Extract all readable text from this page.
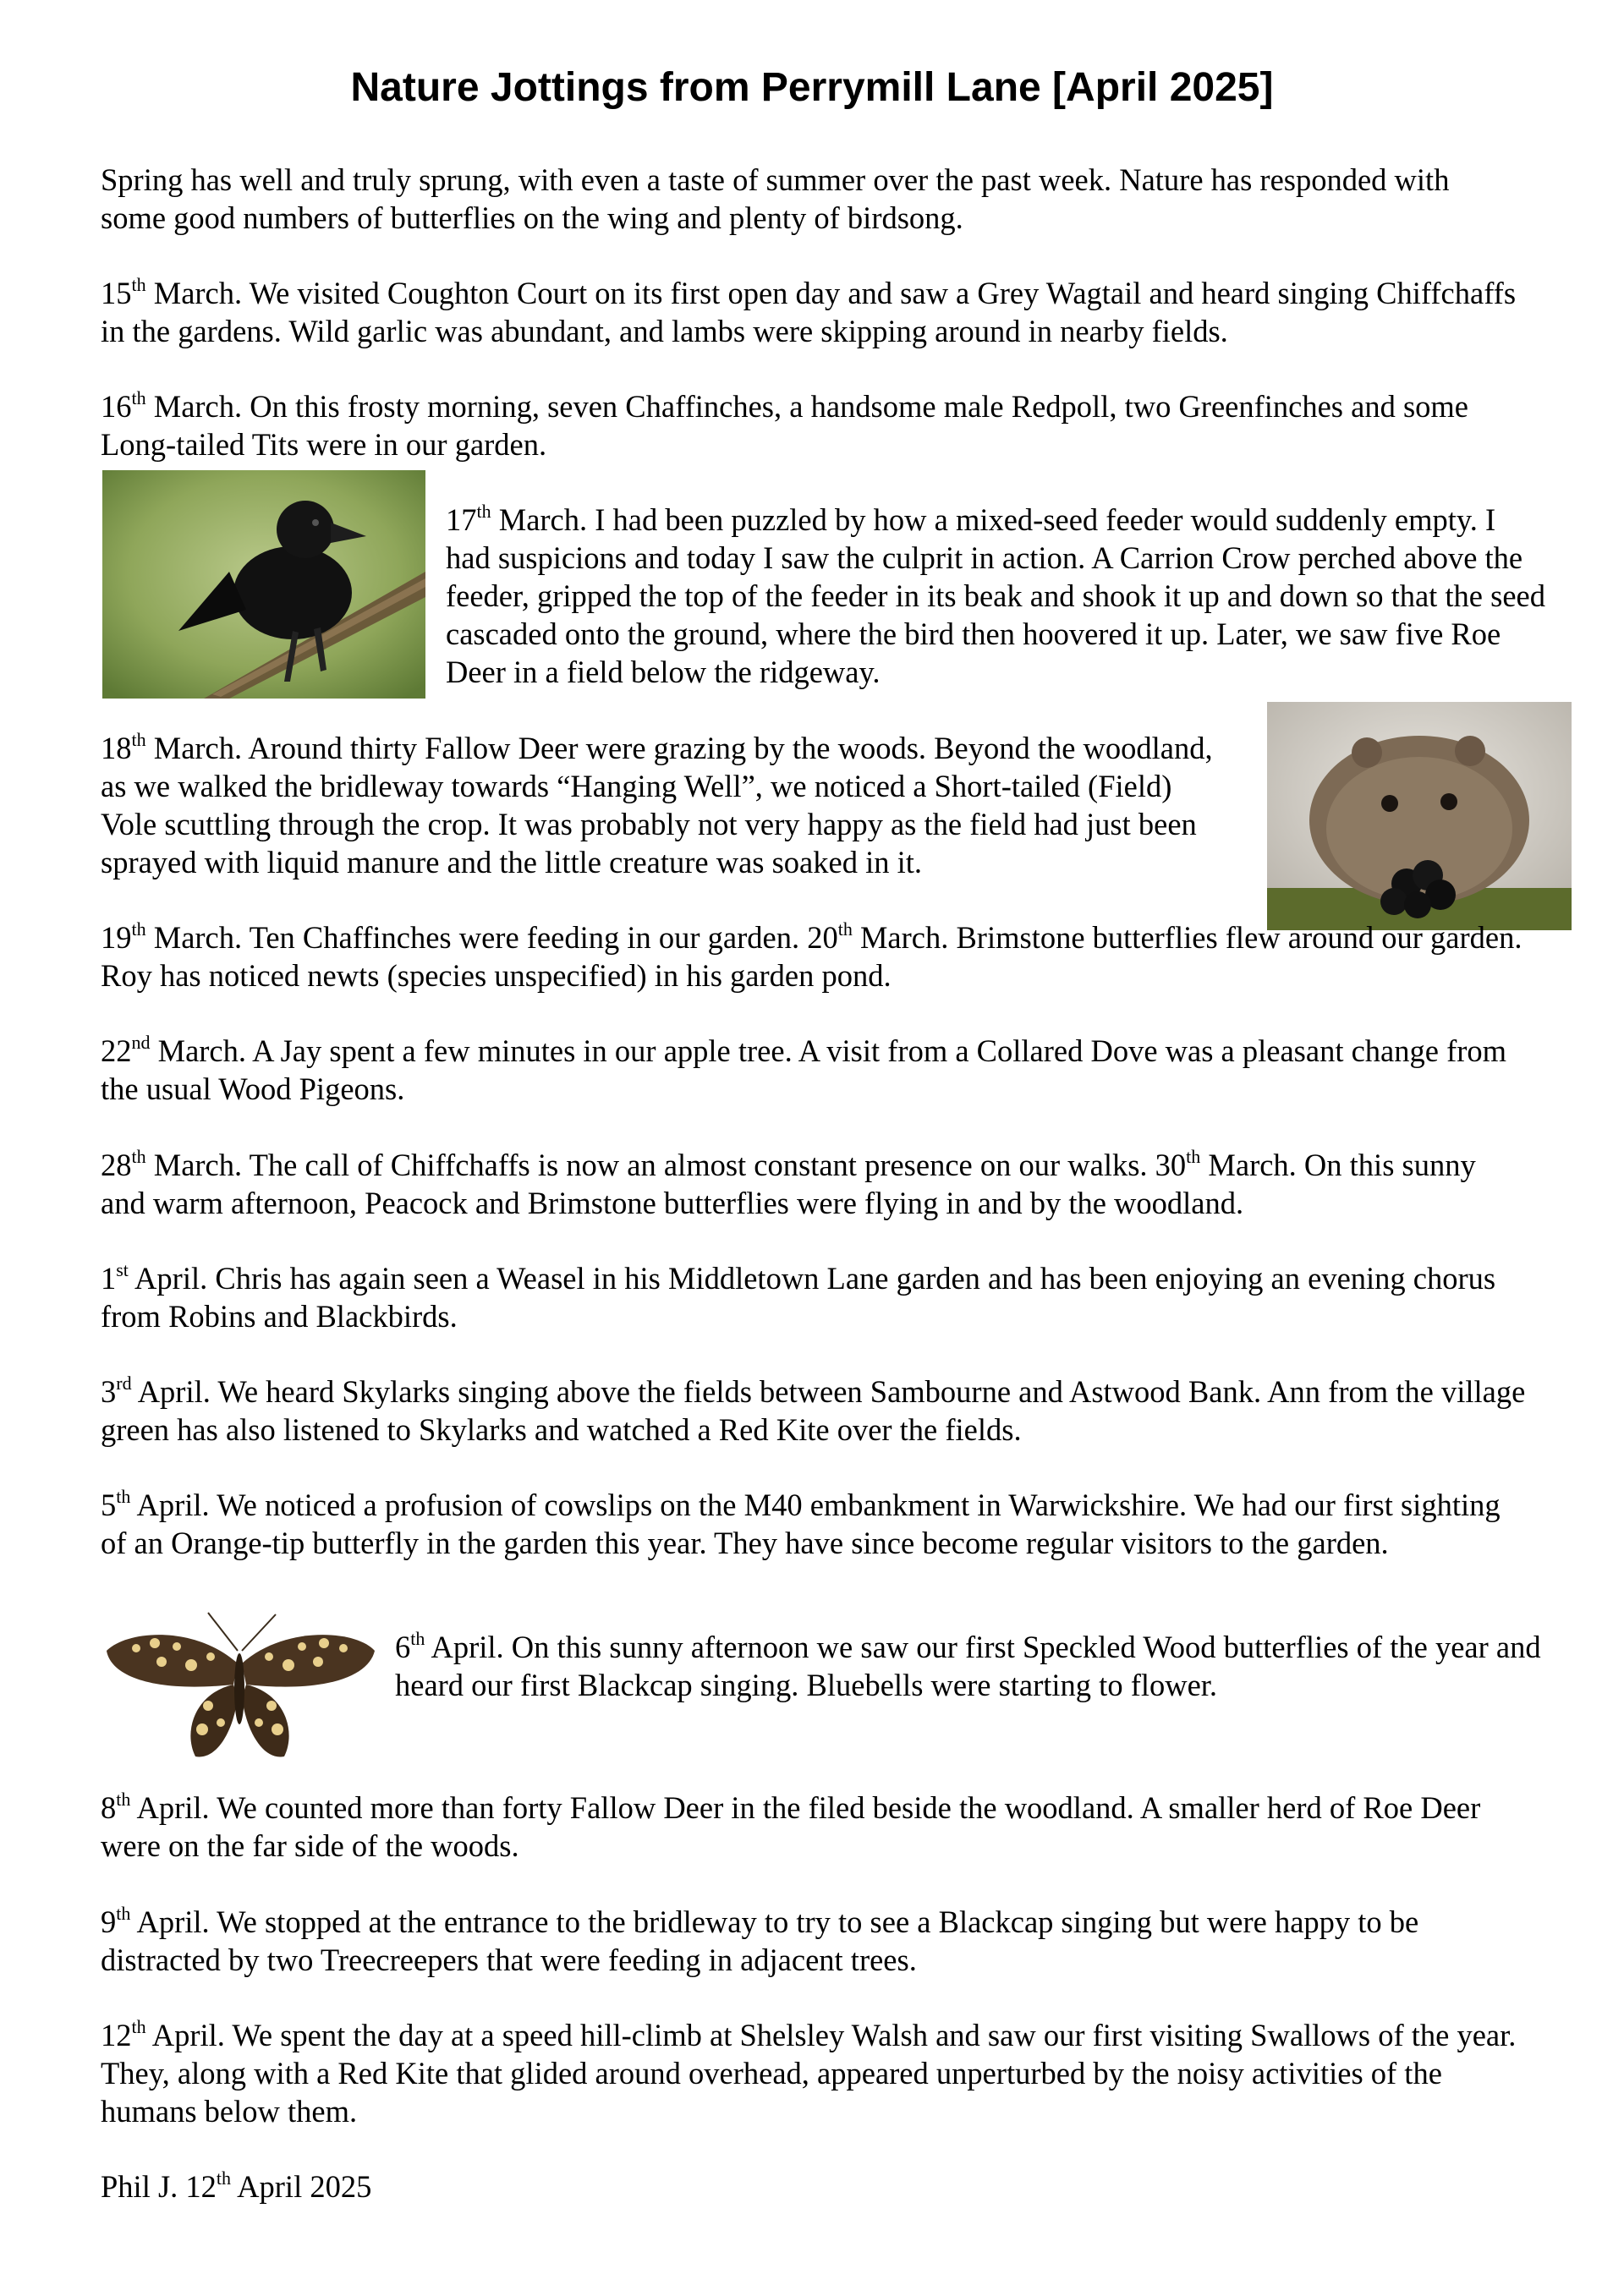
Nature Jottings from Perrymill Lane [April 2025]

Spring has well and truly sprung, with even a taste of summer over the past week. Nature has responded with some good numbers of butterflies on the wing and plenty of birdsong.

15th March. We visited Coughton Court on its first open day and saw a Grey Wagtail and heard singing Chiffchaffs in the gardens. Wild garlic was abundant, and lambs were skipping around in nearby fields.

16th March. On this frosty morning, seven Chaffinches, a handsome male Redpoll, two Greenfinches and some Long-tailed Tits were in our garden.

17th March. I had been puzzled by how a mixed-seed feeder would suddenly empty. I had suspicions and today I saw the culprit in action. A Carrion Crow perched above the feeder, gripped the top of the feeder in its beak and shook it up and down so that the seed cascaded onto the ground, where the bird then hoovered it up. Later, we saw five Roe Deer in a field below the ridgeway.

18th March. Around thirty Fallow Deer were grazing by the woods. Beyond the woodland, as we walked the bridleway towards “Hanging Well”, we noticed a Short-tailed (Field) Vole scuttling through the crop. It was probably not very happy as the field had just been sprayed with liquid manure and the little creature was soaked in it.

19th March. Ten Chaffinches were feeding in our garden. 20th March. Brimstone butterflies flew around our garden. Roy has noticed newts (species unspecified) in his garden pond.

22nd March. A Jay spent a few minutes in our apple tree. A visit from a Collared Dove was a pleasant change from the usual Wood Pigeons.

28th March. The call of Chiffchaffs is now an almost constant presence on our walks. 30th March. On this sunny and warm afternoon, Peacock and Brimstone butterflies were flying in and by the woodland.

1st April. Chris has again seen a Weasel in his Middletown Lane garden and has been enjoying an evening chorus from Robins and Blackbirds.

3rd April. We heard Skylarks singing above the fields between Sambourne and Astwood Bank. Ann from the village green has also listened to Skylarks and watched a Red Kite over the fields.

5th April. We noticed a profusion of cowslips on the M40 embankment in Warwickshire. We had our first sighting of an Orange-tip butterfly in the garden this year. They have since become regular visitors to the garden.

6th April. On this sunny afternoon we saw our first Speckled Wood butterflies of the year and heard our first Blackcap singing. Bluebells were starting to flower.

8th April. We counted more than forty Fallow Deer in the filed beside the woodland. A smaller herd of Roe Deer were on the far side of the woods.

9th April. We stopped at the entrance to the bridleway to try to see a Blackcap singing but were happy to be distracted by two Treecreepers that were feeding in adjacent trees.

12th April. We spent the day at a speed hill-climb at Shelsley Walsh and saw our first visiting Swallows of the year. They, along with a Red Kite that glided around overhead, appeared unperturbed by the noisy activities of the humans below them.

Phil J. 12th April 2025
